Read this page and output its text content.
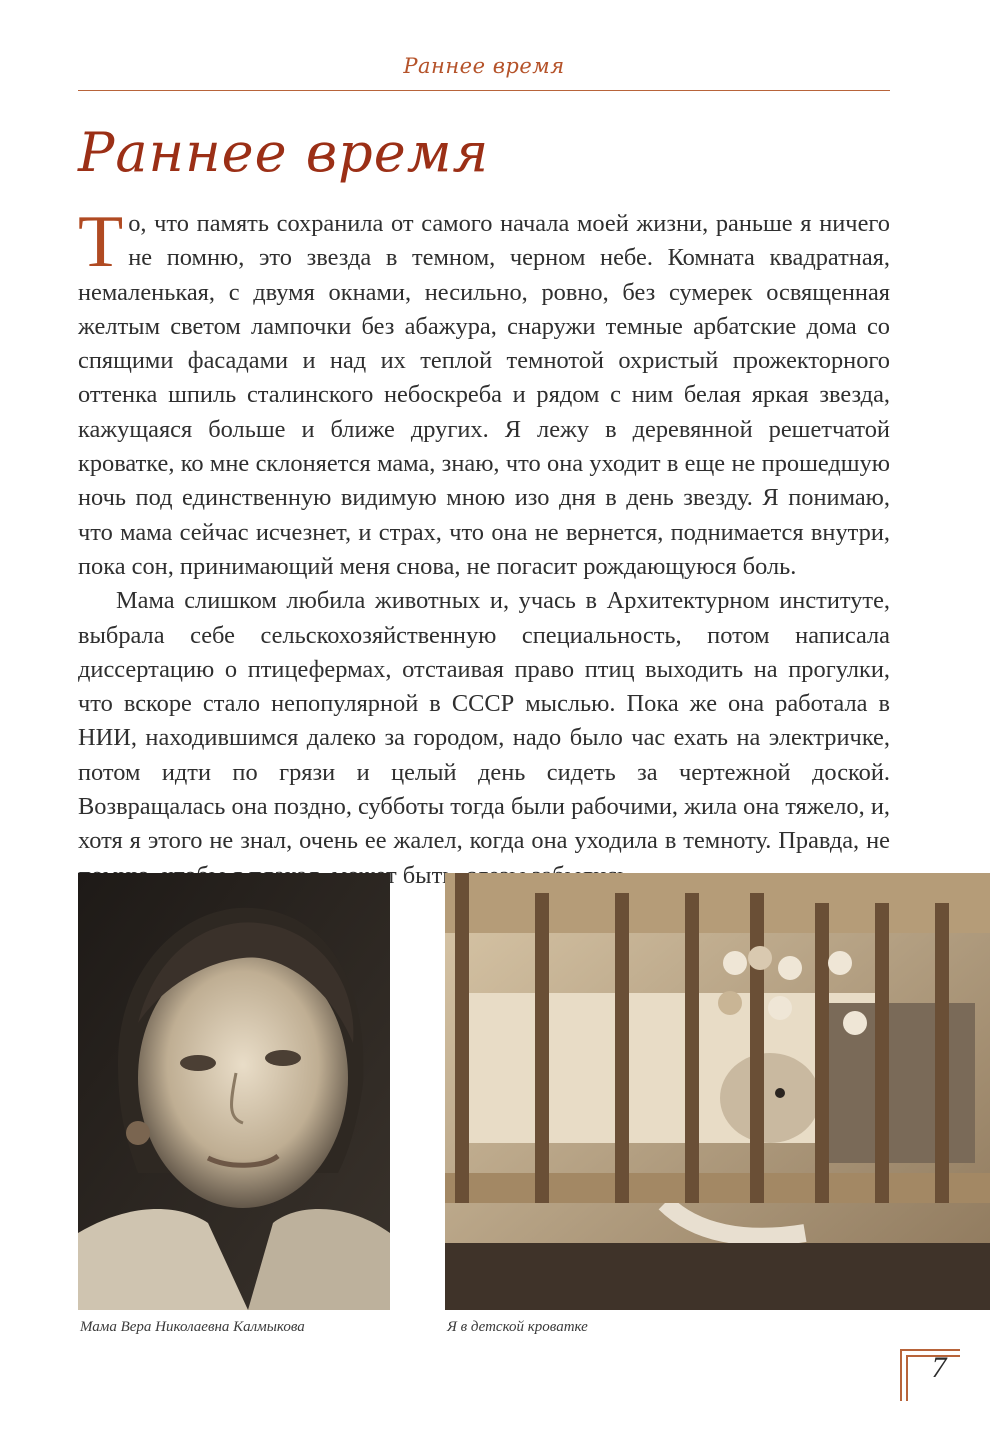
Раннее время
Раннее время

То, что память сохранила от самого начала моей жизни, раньше я ничего не помню, это звезда в темном, черном небе. Комната квадратная, немаленькая, с двумя окнами, несильно, ровно, без сумерек освященная желтым светом лампочки без абажура, снаружи темные арбатские дома со спящими фасадами и над их теплой темнотой охристый прожекторного оттенка шпиль сталинского небоскреба и рядом с ним белая яркая звезда, кажущаяся больше и ближе других. Я лежу в деревянной решетчатой кроватке, ко мне склоняется мама, знаю, что она уходит в еще не прошедшую ночь под единственную видимую мною изо дня в день звезду. Я понимаю, что мама сейчас исчезнет, и страх, что она не вернется, поднимается внутри, пока сон, принимающий меня снова, не погасит рождающуюся боль.

Мама слишком любила животных и, учась в Архитектурном институте, выбрала себе сельскохозяйственную специальность, потом написала диссертацию о птицефермах, отстаивая право птиц выходить на прогулки, что вскоре стало непопулярной в СССР мыслью. Пока же она работала в НИИ, находившимся далеко за городом, надо было час ехать на электричке, потом идти по грязи и целый день сидеть за чертежной доской. Возвращалась она поздно, субботы тогда были рабочими, жила она тяжело, и, хотя я этого не знал, очень ее жалел, когда она уходила в темноту. Правда, не быть,

Мама Вера Николаевна Калмыкова	Я в детской кроватке
7
